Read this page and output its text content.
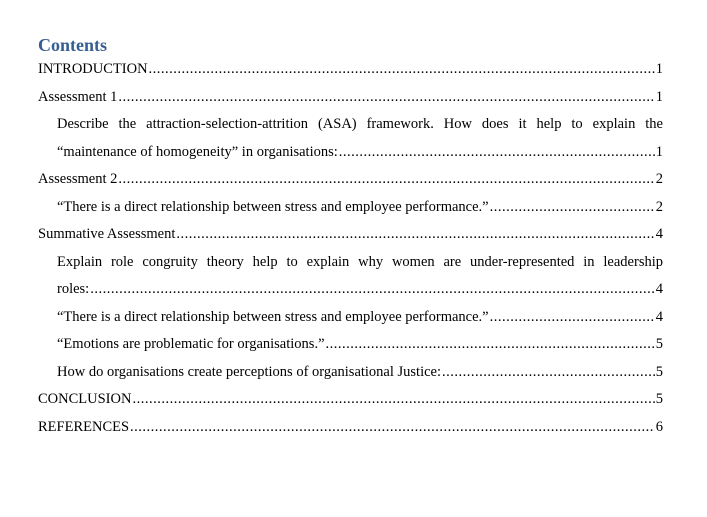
Contents
INTRODUCTION .....	1
Assessment 1 .....	1
Describe the attraction-selection-attrition (ASA) framework. How does it help to explain the
“maintenance of homogeneity” in organisations: .....	1
Assessment 2 .....	2
“There is a direct relationship between stress and employee performance.” .....	2
Summative Assessment .....	4
Explain role congruity theory help to explain why women are under-represented in leadership
roles: .....	4
“There is a direct relationship between stress and employee performance.” .....	4
“Emotions are problematic for organisations.” .....	5
How do organisations create perceptions of organisational Justice: .....	5
CONCLUSION .....	5
REFERENCES .....	6
